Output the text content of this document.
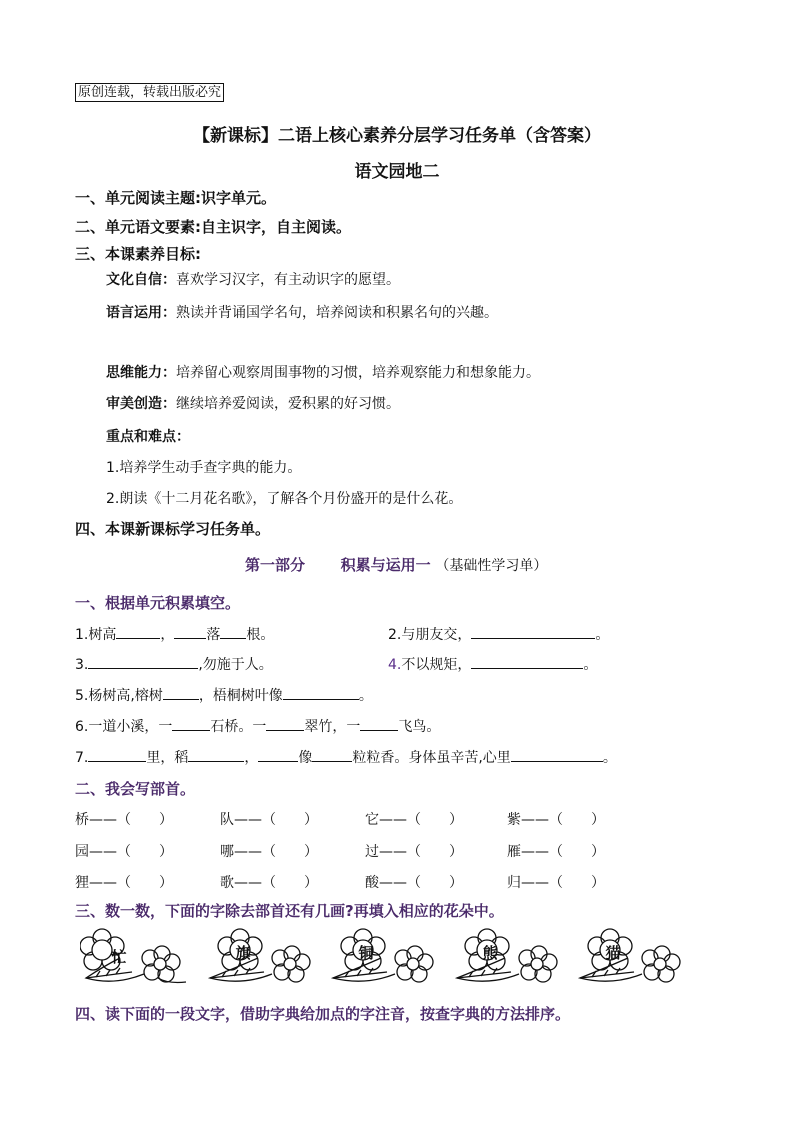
原创连载，转载出版必究
【新课标】二语上核心素养分层学习任务单（含答案）
语文园地二
一、单元阅读主题:识字单元。
二、单元语文要素:自主识字，自主阅读。
三、本课素养目标:
文化自信：喜欢学习汉字，有主动识字的愿望。
语言运用：熟读并背诵国学名句，培养阅读和积累名句的兴趣。
思维能力：培养留心观察周围事物的习惯，培养观察能力和想象能力。
审美创造：继续培养爱阅读，爱积累的好习惯。
重点和难点：
1.培养学生动手查字典的能力。
2.朗读《十二月花名歌》，了解各个月份盛开的是什么花。
四、本课新课标学习任务单。
第一部分 积累与运用一 （基础性学习单）
一、根据单元积累填空。
1.树高	， 落 根。	2.与朋友交，	。
3.	,勿施于人。	4.不以规矩，	。
5.杨树高,榕树	，梧桐树叶像	。
6.一道小溪，一	石桥。一	翠竹，一	飞鸟。
7.	里，稻	，	像	粒粒香。身体虽辛苦,心里	。
二、我会写部首。
桥——（　　）	队——（　　）	它——（　　）	紫——（　　）
园——（　　）	哪——（　　）	过——（　　）	雁——（　　）
狸——（　　）	歌——（　　）	酸——（　　）	归——（　　）
三、数一数，下面的字除去部首还有几画?再填入相应的花朵中。
忙	旗	铜	熊	猫
四、读下面的一段文字，借助字典给加点的字注音，按查字典的方法排序。
